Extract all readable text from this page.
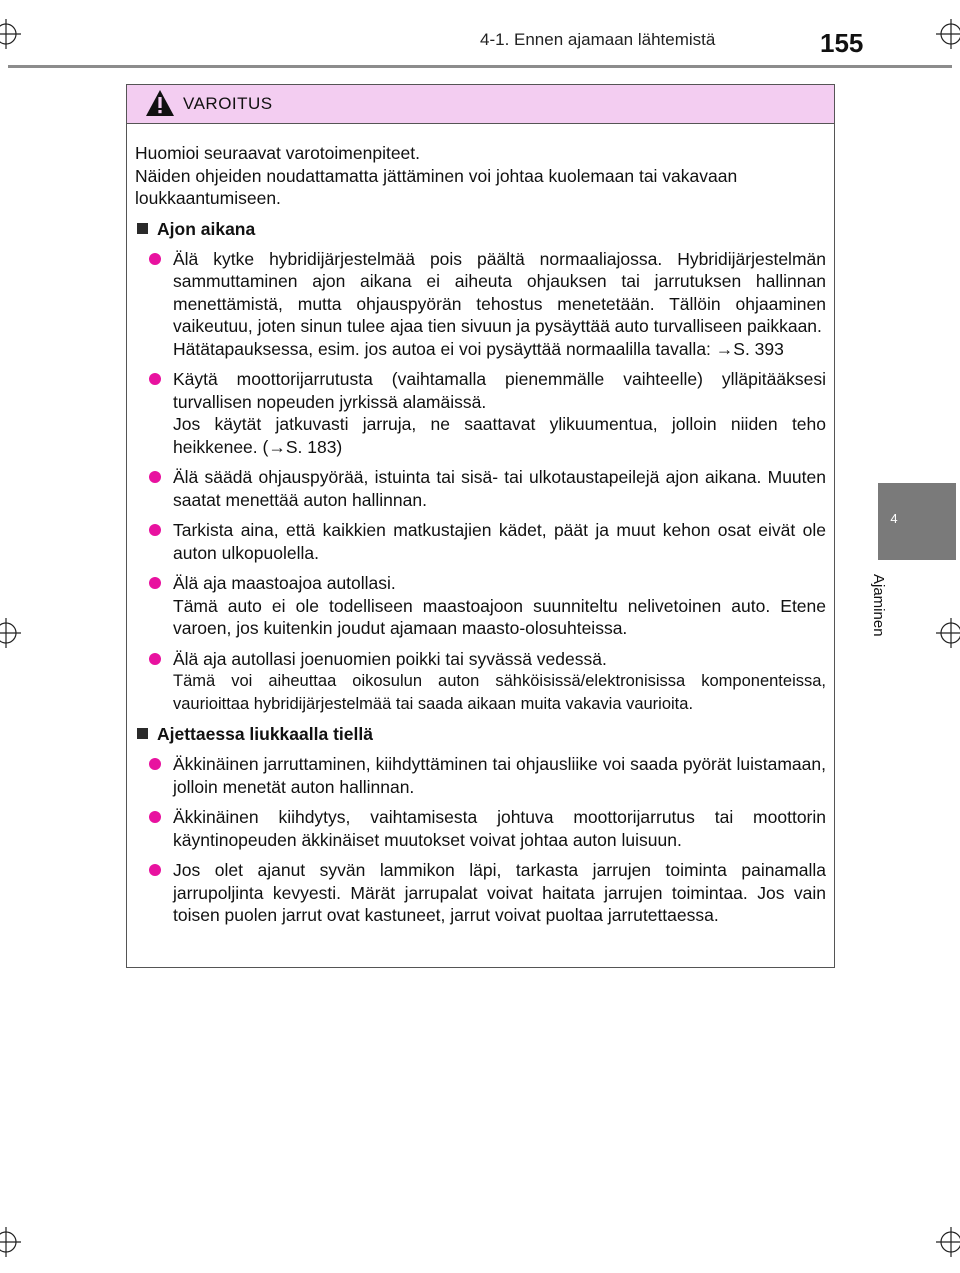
4-1. Ennen ajamaan lähtemistä	155
4
Ajaminen
VAROITUS

Huomioi seuraavat varotoimenpiteet.

Näiden ohjeiden noudattamatta jättäminen voi johtaa kuolemaan tai vakavaan loukkaantumiseen.

Ajon aikana

Älä kytke hybridijärjestelmää pois päältä normaaliajossa. Hybridijärjestelmän sammuttaminen ajon aikana ei aiheuta ohjauksen tai jarrutuksen hallinnan menettämistä, mutta ohjauspyörän tehostus menetetään. Tällöin ohjaaminen vaikeutuu, joten sinun tulee ajaa tien sivuun ja pysäyttää auto turvalliseen paikkaan.

Hätätapauksessa, esim. jos autoa ei voi pysäyttää normaalilla tavalla: →S. 393

Käytä moottorijarrutusta (vaihtamalla pienemmälle vaihteelle) ylläpitääksesi turvallisen nopeuden jyrkissä alamäissä.

Jos käytät jatkuvasti jarruja, ne saattavat ylikuumentua, jolloin niiden teho heikkenee. (→S. 183)

Älä säädä ohjauspyörää, istuinta tai sisä- tai ulkotaustapeilejä ajon aikana. Muuten saatat menettää auton hallinnan.

Tarkista aina, että kaikkien matkustajien kädet, päät ja muut kehon osat eivät ole auton ulkopuolella.

Älä aja maastoajoa autollasi.

Tämä auto ei ole todelliseen maastoajoon suunniteltu nelivetoinen auto. Etene varoen, jos kuitenkin joudut ajamaan maasto-olosuhteissa.

Älä aja autollasi joenuomien poikki tai syvässä vedessä.

Tämä voi aiheuttaa oikosulun auton sähköisissä/elektronisissa komponenteissa, vaurioittaa hybridijärjestelmää tai saada aikaan muita vakavia vaurioita.

Ajettaessa liukkaalla tiellä

Äkkinäinen jarruttaminen, kiihdyttäminen tai ohjausliike voi saada pyörät luistamaan, jolloin menetät auton hallinnan.

Äkkinäinen kiihdytys, vaihtamisesta johtuva moottorijarrutus tai moottorin käyntinopeuden äkkinäiset muutokset voivat johtaa auton luisuun.

Jos olet ajanut syvän lammikon läpi, tarkasta jarrujen toiminta painamalla jarrupoljinta kevyesti. Märät jarrupalat voivat haitata jarrujen toimintaa. Jos vain toisen puolen jarrut ovat kastuneet, jarrut voivat puoltaa jarrutettaessa.
